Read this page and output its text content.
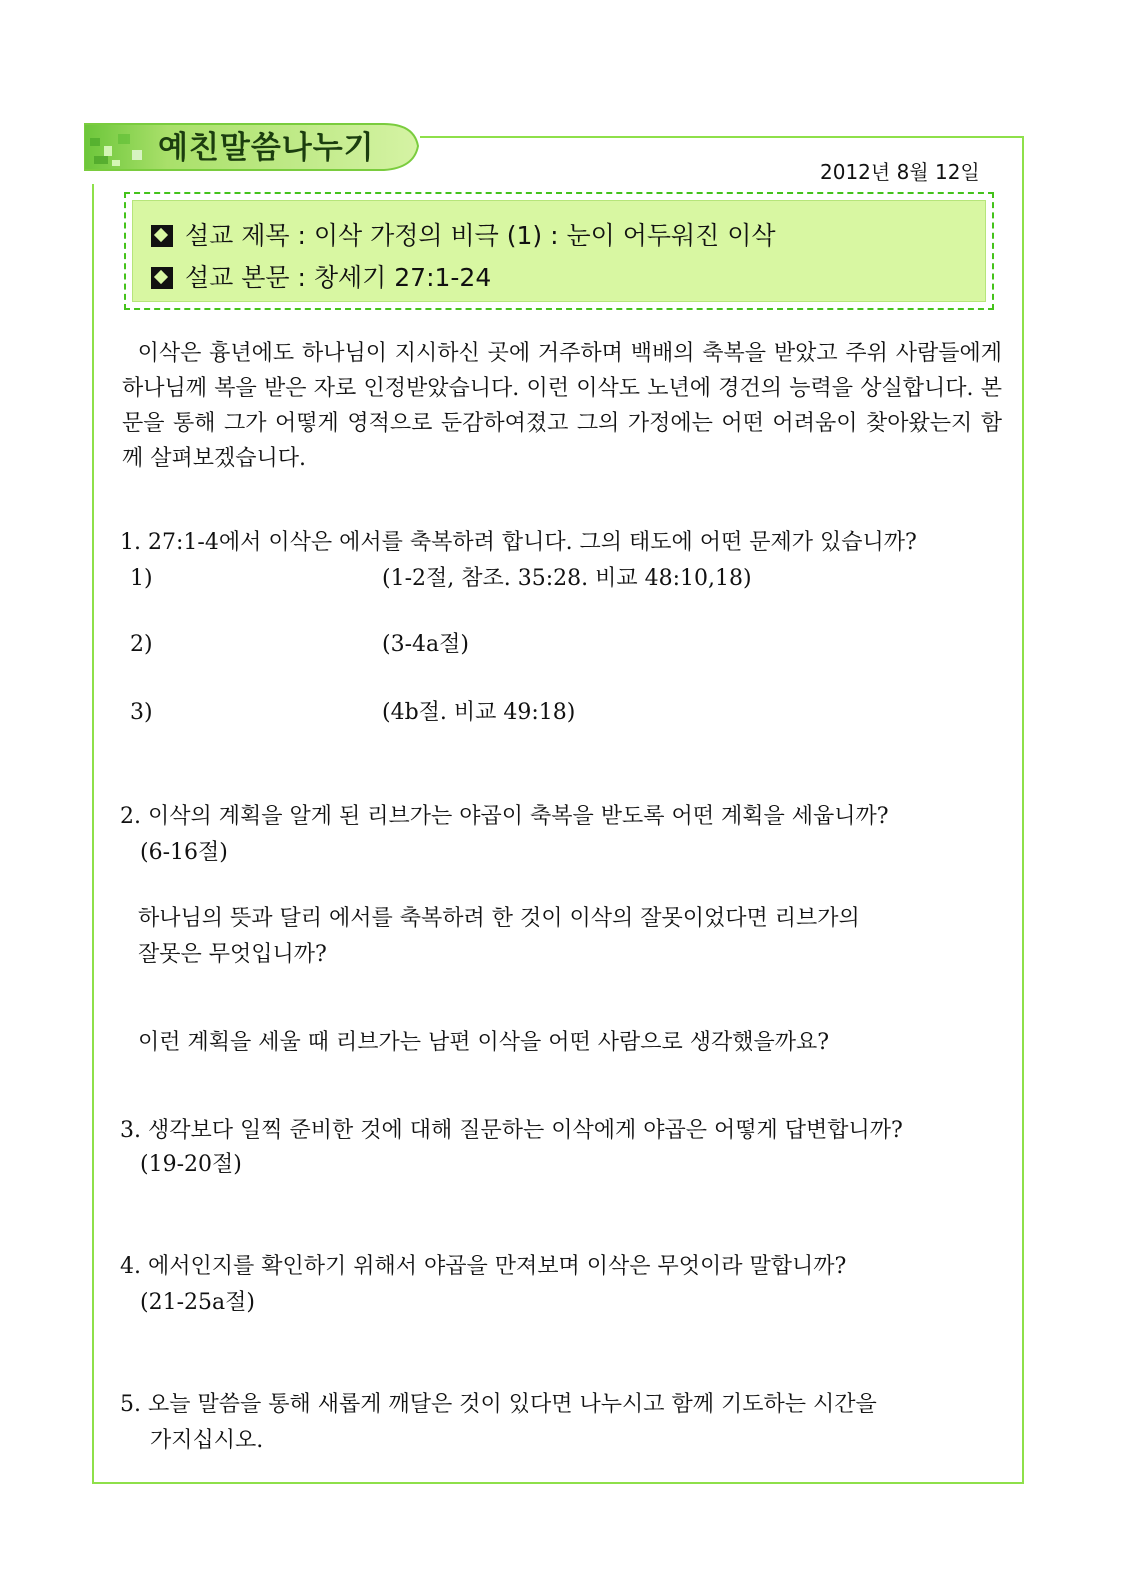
예친말씀나누기
2012년 8월 12일
설교 제목 : 이삭 가정의 비극 (1) : 눈이 어두워진 이삭
설교 본문 : 창세기 27:1-24
이삭은 흉년에도 하나님이 지시하신 곳에 거주하며 백배의 축복을 받았고 주위 사람들에게 하나님께 복을 받은 자로 인정받았습니다. 이런 이삭도 노년에 경건의 능력을 상실합니다. 본문을 통해 그가 어떻게 영적으로 둔감하여졌고 그의 가정에는 어떤 어려움이 찾아왔는지 함께 살펴보겠습니다.
1. 27:1-4에서 이삭은 에서를 축복하려 합니다. 그의 태도에 어떤 문제가 있습니까?
1)	(1-2절, 참조. 35:28. 비교 48:10,18)
2)	(3-4a절)
3)	(4b절. 비교 49:18)
2. 이삭의 계획을 알게 된 리브가는 야곱이 축복을 받도록 어떤 계획을 세웁니까?
(6-16절)
하나님의 뜻과 달리 에서를 축복하려 한 것이 이삭의 잘못이었다면 리브가의
잘못은 무엇입니까?
이런 계획을 세울 때 리브가는 남편 이삭을 어떤 사람으로 생각했을까요?
3. 생각보다 일찍 준비한 것에 대해 질문하는 이삭에게 야곱은 어떻게 답변합니까?
(19-20절)
4. 에서인지를 확인하기 위해서 야곱을 만져보며 이삭은 무엇이라 말합니까?
(21-25a절)
5. 오늘 말씀을 통해 새롭게 깨달은 것이 있다면 나누시고 함께 기도하는 시간을
가지십시오.
